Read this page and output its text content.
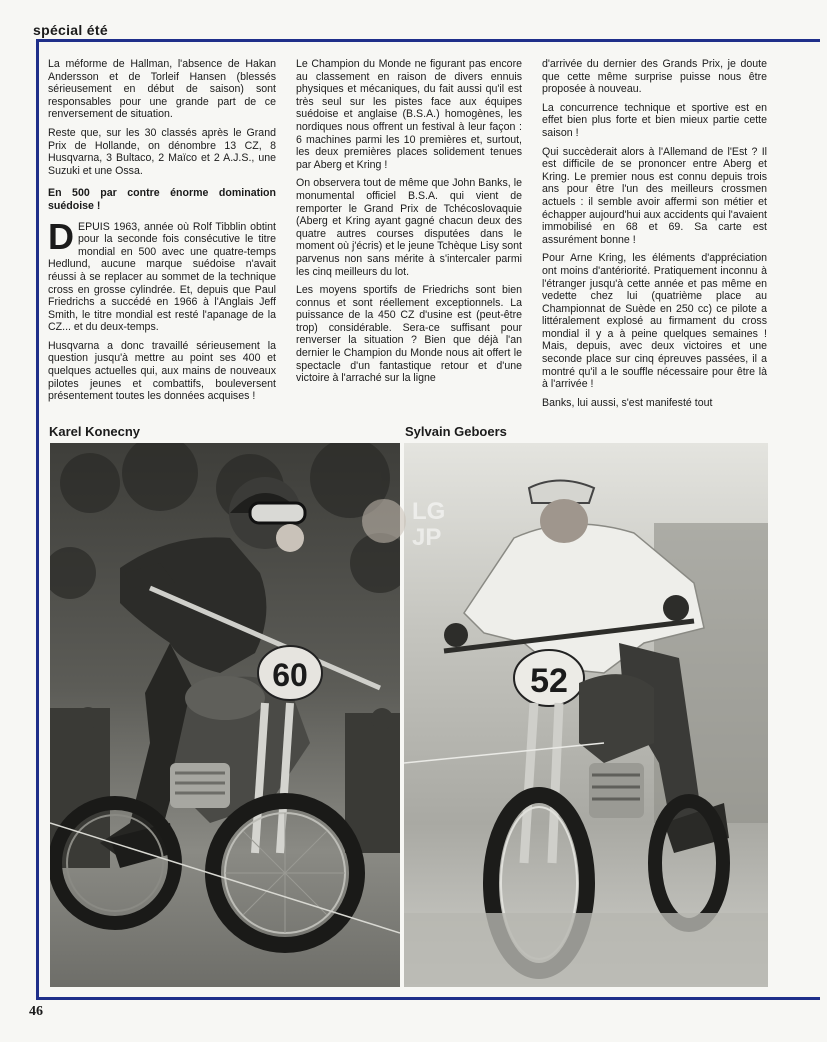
spécial été

La méforme de Hallman, l'absence de Hakan Andersson et de Torleif Hansen (blessés sérieusement en début de saison) sont responsables pour une grande part de ce renversement de situation.

Reste que, sur les 30 classés après le Grand Prix de Hollande, on dénombre 13 CZ, 8 Husqvarna, 3 Bultaco, 2 Maïco et 2 A.J.S., une Suzuki et une Ossa.

En 500 par contre énorme domination suédoise !

DEPUIS 1963, année où Rolf Tibblin obtint pour la seconde fois consécutive le titre mondial en 500 avec une quatre-temps Hedlund, aucune marque suédoise n'avait réussi à se replacer au sommet de la technique cross en grosse cylindrée. Et, depuis que Paul Friedrichs a succédé en 1966 à l'Anglais Jeff Smith, le titre mondial est resté l'apanage de la CZ... et du deux-temps.

Husqvarna a donc travaillé sérieusement la question jusqu'à mettre au point ses 400 et quelques actuelles qui, aux mains de nouveaux pilotes jeunes et combattifs, bouleversent présentement toutes les données acquises !

Le Champion du Monde ne figurant pas encore au classement en raison de divers ennuis physiques et mécaniques, du fait aussi qu'il est très seul sur les pistes face aux équipes suédoise et anglaise (B.S.A.) homogènes, les nordiques nous offrent un festival à leur façon : 6 machines parmi les 10 premières et, surtout, les deux premières places solidement tenues par Aberg et Kring !

On observera tout de même que John Banks, le monumental officiel B.S.A. qui vient de remporter le Grand Prix de Tchécoslovaquie (Aberg et Kring ayant gagné chacun deux des quatre autres courses disputées dans le moment où j'écris) et le jeune Tchèque Lisy sont parvenus non sans mérite à s'intercaler parmi les cinq meilleurs du lot.

Les moyens sportifs de Friedrichs sont bien connus et sont réellement exceptionnels. La puissance de la 450 CZ d'usine est (peut-être trop) considérable. Sera-ce suffisant pour renverser la situation ? Bien que déjà l'an dernier le Champion du Monde nous ait offert le spectacle d'un fantastique retour et d'une victoire à l'arraché sur la ligne

d'arrivée du dernier des Grands Prix, je doute que cette même surprise puisse nous être proposée à nouveau.

La concurrence technique et sportive est en effet bien plus forte et bien mieux partie cette saison !

Qui succèderait alors à l'Allemand de l'Est ? Il est difficile de se prononcer entre Aberg et Kring. Le premier nous est connu depuis trois ans pour être l'un des meilleurs crossmen actuels : il semble avoir affermi son métier et échapper aujourd'hui aux accidents qui l'avaient immobilisé en 68 et 69. Sa carte est assurément bonne !

Pour Arne Kring, les éléments d'appréciation ont moins d'antériorité. Pratiquement inconnu à l'étranger jusqu'à cette année et pas même en vedette chez lui (quatrième place au Championnat de Suède en 250 cc) ce pilote a littéralement explosé au firmament du cross mondial il y a à peine quelques semaines ! Mais, depuis, avec deux victoires et une seconde place sur cinq épreuves passées, il a montré qu'il a le souffle nécessaire pour être là à l'arrivée !

Banks, lui aussi, s'est manifesté tout

Karel Konecny	Sylvain Geboers
60	52
LG
JP
46
